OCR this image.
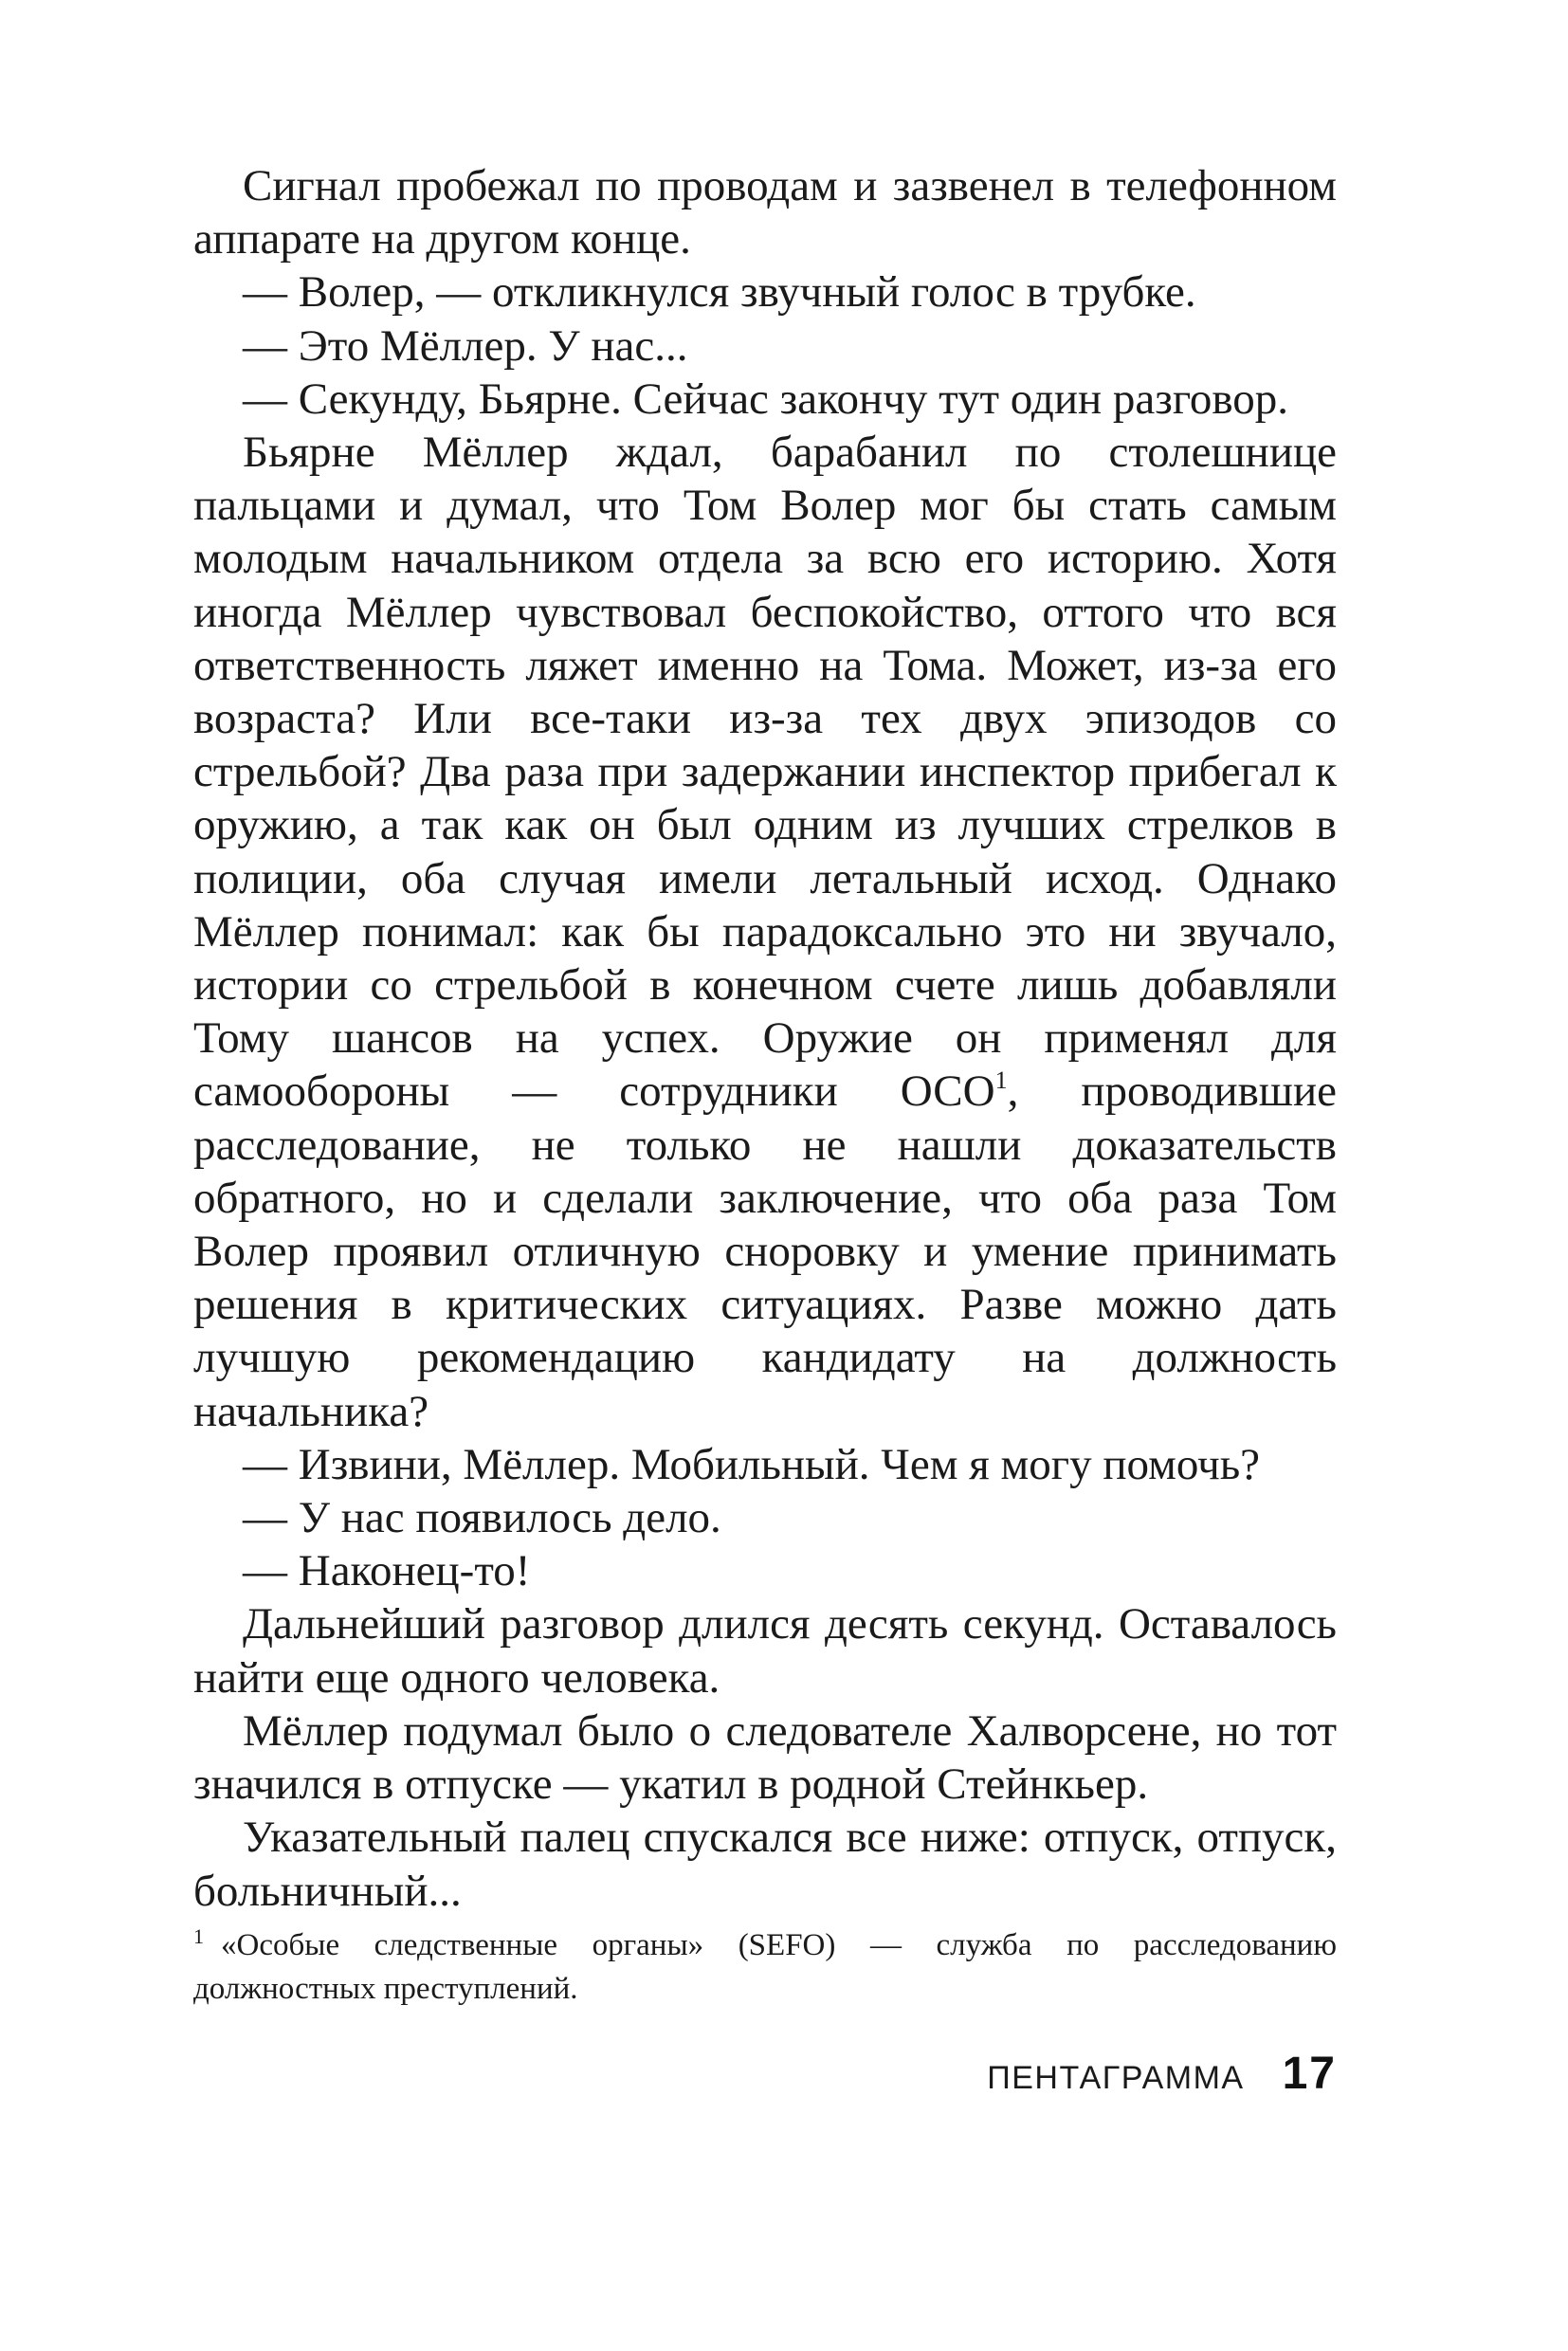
Сигнал пробежал по проводам и зазвенел в телефонном аппарате на другом конце.

— Волер, — откликнулся звучный голос в трубке.

— Это Мёллер. У нас...

— Секунду, Бьярне. Сейчас закончу тут один разговор.

Бьярне Мёллер ждал, барабанил по столешнице пальцами и думал, что Том Волер мог бы стать самым молодым начальником отдела за всю его историю. Хотя иногда Мёллер чувствовал беспокойство, оттого что вся ответственность ляжет именно на Тома. Может, из-за его возраста? Или все-таки из-за тех двух эпизодов со стрельбой? Два раза при задержании инспектор прибегал к оружию, а так как он был одним из лучших стрелков в полиции, оба случая имели летальный исход. Однако Мёллер понимал: как бы парадоксально это ни звучало, истории со стрельбой в конечном счете лишь добавляли Тому шансов на успех. Оружие он применял для самообороны — сотрудники ОСО$^1$, проводившие расследование, не только не нашли доказательств обратного, но и сделали заключение, что оба раза Том Волер проявил отличную сноровку и умение принимать решения в критических ситуациях. Разве можно дать лучшую рекомендацию кандидату на должность начальника?

— Извини, Мёллер. Мобильный. Чем я могу помочь?

— У нас появилось дело.

— Наконец-то!

Дальнейший разговор длился десять секунд. Оставалось найти еще одного человека.

Мёллер подумал было о следователе Халворсене, но тот значился в отпуске — укатил в родной Стейнкьер.

Указательный палец спускался все ниже: отпуск, отпуск, больничный...

$^1$ «Особые следственные органы» (SEFO) — служба по расследованию должностных преступлений.
ПЕНТАГРАММА 17
